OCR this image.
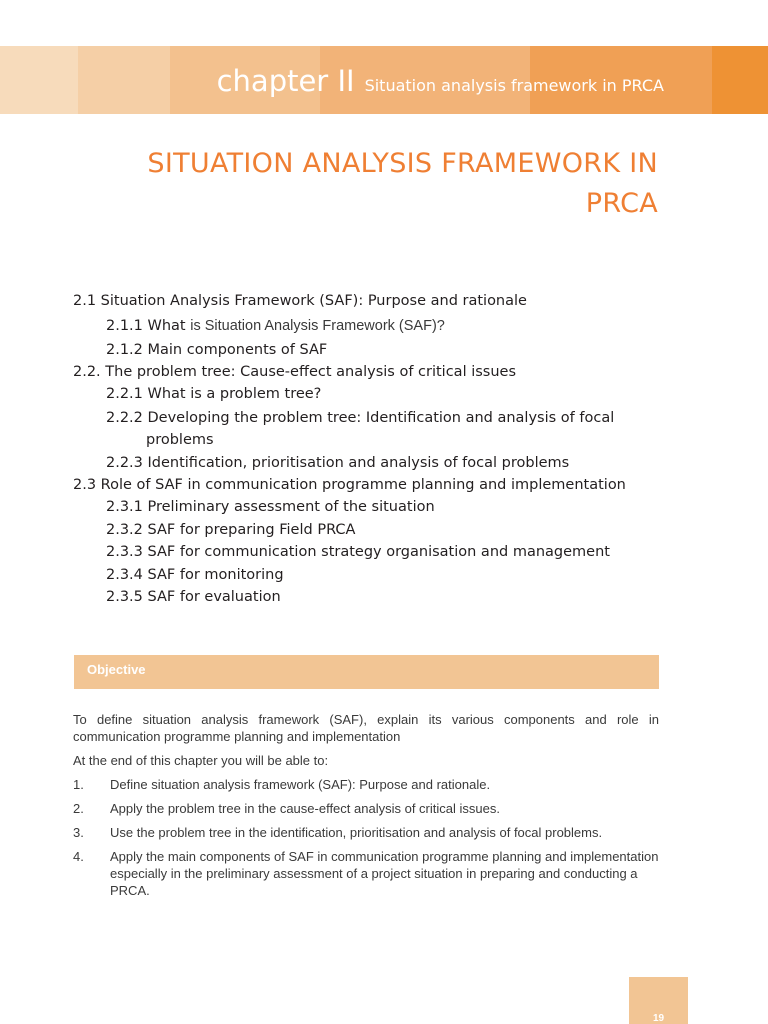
chapter II Situation analysis framework in PRCA
SITUATION ANALYSIS FRAMEWORK IN
PRCA
2.1 Situation Analysis Framework (SAF): Purpose and rationale
2.1.1 What is Situation Analysis Framework (SAF)?
2.1.2 Main components of SAF
2.2. The problem tree: Cause-effect analysis of critical issues
2.2.1 What is a problem tree?
2.2.2 Developing the problem tree: Identification and analysis of focal
problems
2.2.3 Identification, prioritisation and analysis of focal problems
2.3 Role of SAF in communication programme planning and implementation
2.3.1 Preliminary assessment of the situation
2.3.2 SAF for preparing Field PRCA
2.3.3 SAF for communication strategy organisation and management
2.3.4 SAF for monitoring
2.3.5 SAF for evaluation
Objective
To define situation analysis framework (SAF), explain its various components and role in communication programme planning and implementation
At the end of this chapter you will be able to:
1. Define situation analysis framework (SAF): Purpose and rationale.
2. Apply the problem tree in the cause-effect analysis of critical issues.
3. Use the problem tree in the identification, prioritisation and analysis of focal problems.
4. Apply the main components of SAF in communication programme planning and implementation especially in the preliminary assessment of a project situation in preparing and conducting a PRCA.
19
